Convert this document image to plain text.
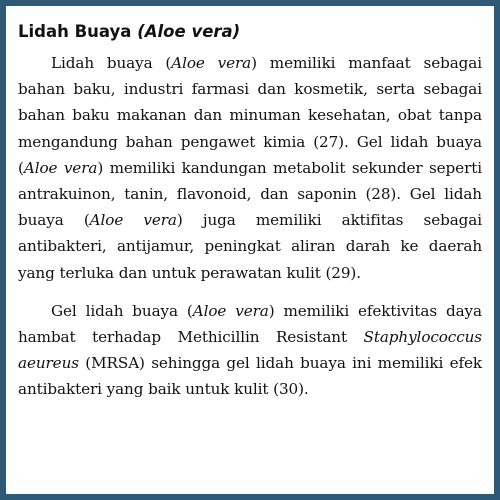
Lidah Buaya (Aloe vera)

Lidah buaya (Aloe vera) memiliki manfaat sebagai bahan baku, industri farmasi dan kosmetik, serta sebagai bahan baku makanan dan minuman kesehatan, obat tanpa mengandung bahan pengawet kimia (27). Gel lidah buaya (Aloe vera) memiliki kandungan metabolit sekunder seperti antrakuinon, tanin, flavonoid, dan saponin (28). Gel lidah buaya (Aloe vera) juga memiliki aktifitas sebagai antibakteri, antijamur, peningkat aliran darah ke daerah yang terluka dan untuk perawatan kulit (29).

Gel lidah buaya (Aloe vera) memiliki efektivitas daya hambat terhadap Methicillin Resistant Staphylococcus aeureus (MRSA) sehingga gel lidah buaya ini memiliki efek antibakteri yang baik untuk kulit (30).
